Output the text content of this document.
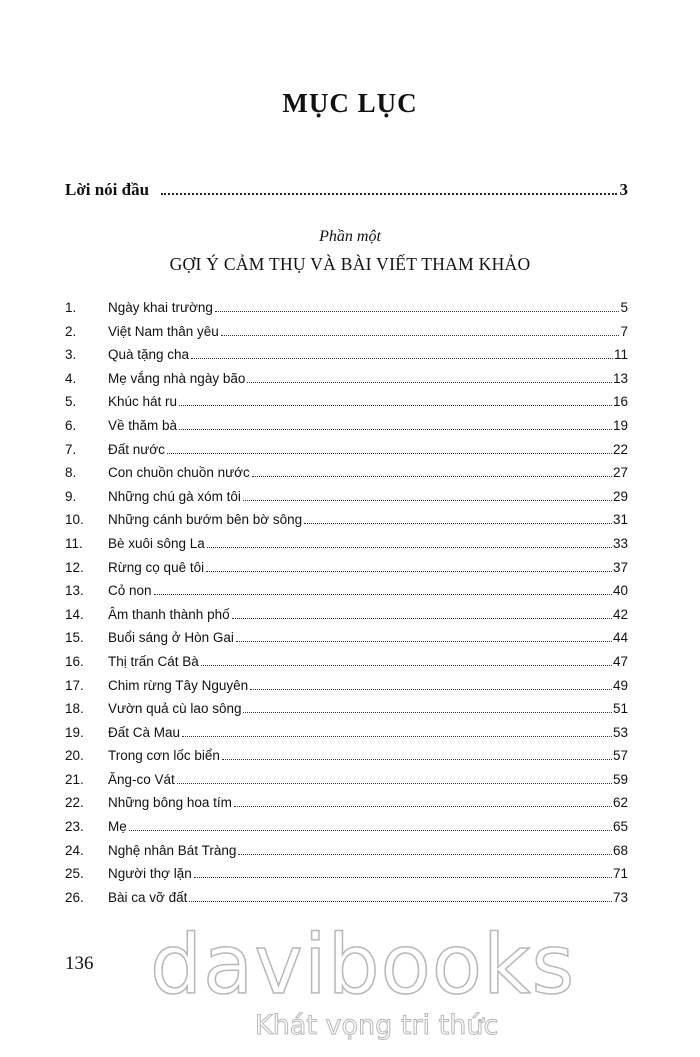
MỤC LỤC
Lời nói đầu	3
Phần một
GỢI Ý CẢM THỤ VÀ BÀI VIẾT THAM KHẢO
1.	Ngày khai trường	5
2.	Việt Nam thân yêu	7
3.	Quà tặng cha	11
4.	Mẹ vắng nhà ngày bão	13
5.	Khúc hát ru	16
6.	Về thăm bà	19
7.	Đất nước	22
8.	Con chuồn chuồn nước	27
9.	Những chú gà xóm tôi	29
10.	Những cánh bướm bên bờ sông	31
11.	Bè xuôi sông La	33
12.	Rừng cọ quê tôi	37
13.	Cỏ non	40
14.	Âm thanh thành phố	42
15.	Buổi sáng ở Hòn Gai	44
16.	Thị trấn Cát Bà	47
17.	Chim rừng Tây Nguyên	49
18.	Vườn quả cù lao sông	51
19.	Đất Cà Mau	53
20.	Trong cơn lốc biển	57
21.	Ăng-co Vát	59
22.	Những bông hoa tím	62
23.	Mẹ	65
24.	Nghệ nhân Bát Tràng	68
25.	Người thợ lặn	71
26.	Bài ca vỡ đất	73
136 davibooks
Khát vọng tri thức
